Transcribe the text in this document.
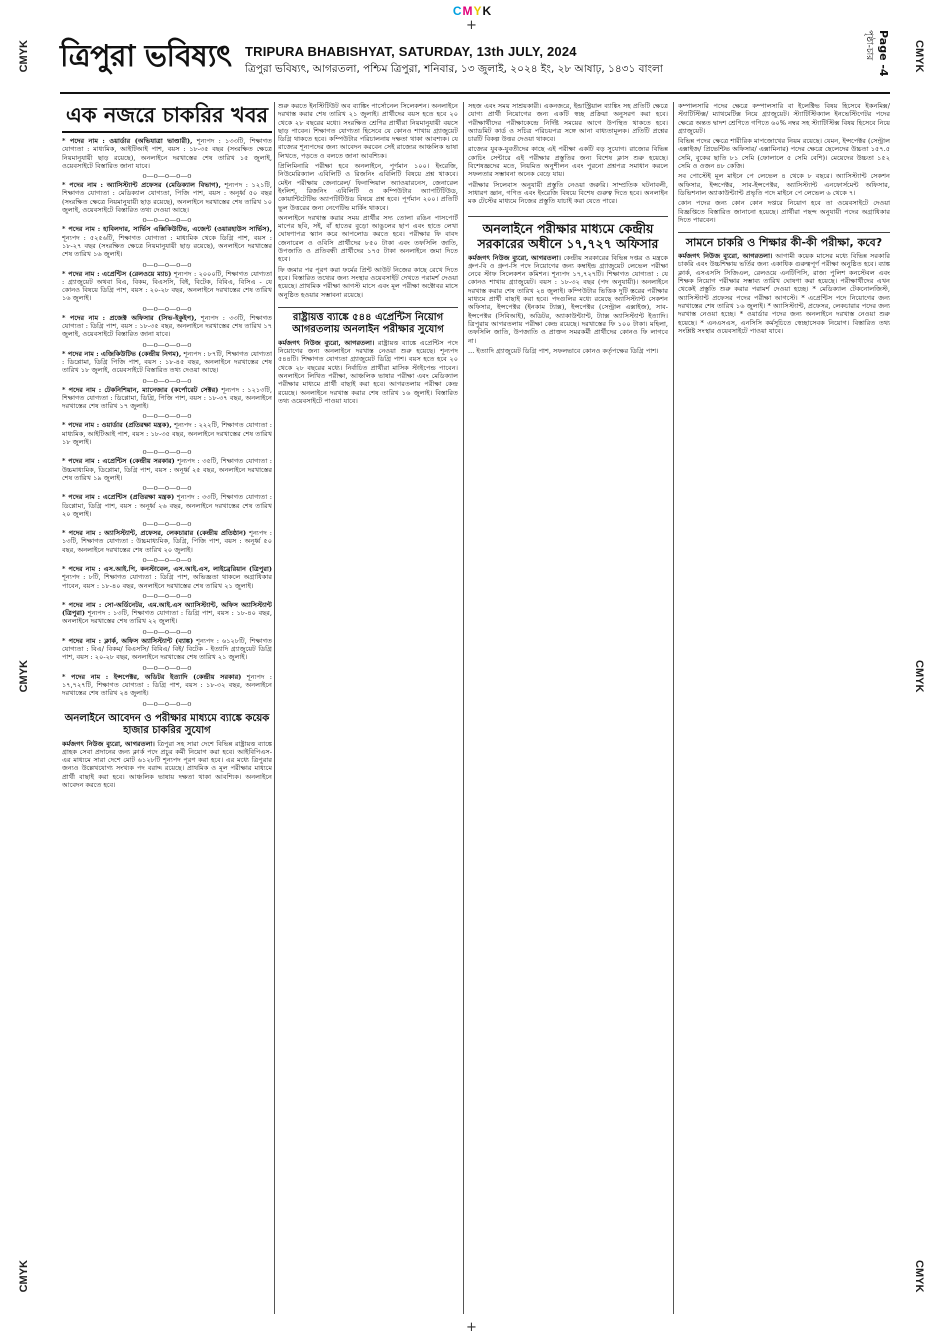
CMYK
+
CMYK
CMYK
CMYK
CMYK
CMYK
CMYK
+
ত্রিপুরা ভবিষ্যৎ TRIPURA BHABISHYAT, SATURDAY, 13th JULY, 2024
ত্রিপুরা ভবিষ্যৎ, আগরতলা, পশ্চিম ত্রিপুরা, শনিবার, ১৩ জুলাই, ২০২৪ ইং, ২৮ আষাঢ়, ১৪৩১ বাংলা	Page -4 পৃষ্ঠা-চার
এক নজরে চাকরির খবর
* পদের নাম : ওয়ার্ডার (অভিযাত্রা ভাণ্ডারী), শূন্যপদ : ১৩৩টি, শিক্ষাগত যোগ্যতা : মাধ্যমিক, আইটিআই পাশ, বয়স : ১৮-৩৫ বছর (সংরক্ষিত ক্ষেত্রে নিয়মানুযায়ী ছাড় রয়েছে), অনলাইনে দরখাস্তের শেষ তারিখ ১৫ জুলাই, ওয়েবসাইটে বিস্তারিত জানা যাবে।
o—o—o—o—o
* পদের নাম : অ্যাসিস্ট্যান্ট প্রফেসর (মেডিক্যাল বিভাগ), শূন্যপদ : ১২১টি, শিক্ষাগত যোগ্যতা : মেডিক্যাল যোগ্যতা, পিজি পাশ, বয়স : অনূর্ধ্ব ৫০ বছর (সংরক্ষিত ক্ষেত্রে নিয়মানুযায়ী ছাড় রয়েছে), অনলাইনে দরখাস্তের শেষ তারিখ ১০ জুলাই, ওয়েবসাইটে বিস্তারিত তথ্য দেওয়া আছে।
o—o—o—o—o
* পদের নাম : হাবিলদার, সার্ভিস এক্সিকিউটিভ, এজেন্ট (ওয়ারহাউস সার্ভিস), শূন্যপদ : ৫২৫৬টি, শিক্ষাগত যোগ্যতা : মাধ্যমিক থেকে ডিগ্রি পাশ, বয়স : ১৮-২৭ বছর (সংরক্ষিত ক্ষেত্রে নিয়মানুযায়ী ছাড় রয়েছে), অনলাইনে দরখাস্তের শেষ তারিখ ১৬ জুলাই।
o—o—o—o—o
* পদের নাম : এপ্রেন্টিস (রেলওয়ে ম্যাচ) শূন্যপদ : ২০০০টি, শিক্ষাগত যোগ্যতা : গ্র্যাজুয়েট অথবা বিএ, বিকম, বিএসসি, বিই, বিটেক, বিবিএ, বিসিএ - যে কোনও বিষয়ে ডিগ্রি পাশ, বয়স : ২০-২৮ বছর, অনলাইনে দরখাস্তের শেষ তারিখ ১৬ জুলাই।
o—o—o—o—o
* পদের নাম : প্রজেক্ট অফিসার (সিভ-ইকুইপ), শূন্যপদ : ৩৩টি, শিক্ষাগত যোগ্যতা : ডিগ্রি পাশ, বয়স : ১৮-৩৫ বছর, অনলাইনে দরখাস্তের শেষ তারিখ ১৭ জুলাই, ওয়েবসাইটে বিস্তারিত জানা যাবে।
o—o—o—o—o
* পদের নাম : এজিকিউটিভ (কেন্দ্রীয় নিগম), শূন্যপদ : ৮৭টি, শিক্ষাগত যোগ্যতা : ডিপ্লোমা, ডিগ্রি পিজি পাশ, বয়স : ১৮-৪৫ বছর, অনলাইনে দরখাস্তের শেষ তারিখ ১৮ জুলাই, ওয়েবসাইটে বিস্তারিত তথ্য দেওয়া আছে।
o—o—o—o—o
* পদের নাম : টেকনিশিয়ান, ম্যানেজার (কর্পোরেট সেক্টর) শূন্যপদ : ১২১৩টি, শিক্ষাগত যোগ্যতা : ডিপ্লোমা, ডিগ্রি, পিজি পাশ, বয়স : ১৮-৩৭ বছর, অনলাইনে দরখাস্তের শেষ তারিখ ১৭ জুলাই।
o—o—o—o—o
* পদের নাম : ওয়ার্ডার (প্রতিরক্ষা মন্ত্রক), শূন্যপদ : ২২২টি, শিক্ষাগত যোগ্যতা : মাধ্যমিক, আইটিআই পাশ, বয়স : ১৮-৩৫ বছর, অনলাইনে দরখাস্তের শেষ তারিখ ১৮ জুলাই।
o—o—o—o—o
* পদের নাম : এপ্রেন্টিস (কেন্দ্রীয় সরকার) শূন্যপদ : ৩৫টি, শিক্ষাগত যোগ্যতা : উচ্চমাধ্যমিক, ডিপ্লোমা, ডিগ্রি পাশ, বয়স : অনূর্ধ্ব ২৫ বছর, অনলাইনে দরখাস্তের শেষ তারিখ ১৯ জুলাই।
o—o—o—o—o
* পদের নাম : এপ্রেন্টিস (প্রতিরক্ষা মন্ত্রক) শূন্যপদ : ৩৩টি, শিক্ষাগত যোগ্যতা : ডিপ্লোমা, ডিগ্রি পাশ, বয়স : অনূর্ধ্ব ২৬ বছর, অনলাইনে দরখাস্তের শেষ তারিখ ২০ জুলাই।
o—o—o—o—o
* পদের নাম : অ্যাসিস্ট্যান্ট, প্রফেসর, লেকচারার (কেন্দ্রীয় প্রতিষ্ঠান) শূন্যপদ : ১৩টি, শিক্ষাগত যোগ্যতা : উচ্চমাধ্যমিক, ডিগ্রি, পিজি পাশ, বয়স : অনূর্ধ্ব ৫০ বছর, অনলাইনে দরখাস্তের শেষ তারিখ ২০ জুলাই।
o—o—o—o—o
* পদের নাম : এস.আই.পি, কনস্টাবেল, এস.আই.এস, লাইব্রেরিয়ান (ত্রিপুরা) শূন্যপদ : ৮টি, শিক্ষাগত যোগ্যতা : ডিগ্রি পাশ, অভিজ্ঞতা থাকলে অগ্রাধিকার পাবেন, বয়স : ১৮-৪০ বছর, অনলাইনে দরখাস্তের শেষ তারিখ ২১ জুলাই।
o—o—o—o—o
* পদের নাম : সো-অর্ডিনেটর, এম.আই.এস অ্যাসিস্ট্যান্ট, অফিস অ্যাসিস্ট্যান্ট (ত্রিপুরা) শূন্যপদ : ১৩টি, শিক্ষাগত যোগ্যতা : ডিগ্রি পাশ, বয়স : ১৮-৪০ বছর, অনলাইনে দরখাস্তের শেষ তারিখ ২২ জুলাই।
o—o—o—o—o
* পদের নাম : ক্লার্ক, অফিস অ্যাসিস্ট্যান্ট (ব্যাঙ্ক) শূন্যপদ : ৬১২৮টি, শিক্ষাগত যোগ্যতা : বিএ/ বিকম/ বিএসসি/ বিবিএ/ বিই/ বিটেক - ইত্যাদি গ্র্যাজুয়েট ডিগ্রি পাশ, বয়স : ২০-২৮ বছর, অনলাইনে দরখাস্তের শেষ তারিখ ২১ জুলাই।
o—o—o—o—o
* পদের নাম : ইন্সপেক্টর, অডিটর ইত্যাদি (কেন্দ্রীয় সরকার) শূন্যপদ : ১৭,৭২৭টি, শিক্ষাগত যোগ্যতা : ডিগ্রি পাশ, বয়স : ১৮-৩২ বছর, অনলাইনে দরখাস্তের শেষ তারিখ ২৪ জুলাই।
o—o—o—o—o
অনলাইনে আবেদন ও পরীক্ষার মাধ্যমে ব্যাঙ্কে কয়েক হাজার চাকরির সুযোগ

কর্মজগৎ নিউজ ব্যুরো, আগরতলা। ত্রিপুরা সহ সারা দেশে বিভিন্ন রাষ্ট্রায়ত্ত ব্যাঙ্কে গ্রাহক সেবা প্রদানের জন্য ক্লার্ক পদে প্রচুর কর্মী নিয়োগ করা হবে। আইবিপিএস-এর মাধ্যমে সারা দেশে মোট ৬১২৮টি শূন্যপদ পূরণ করা হবে। এর মধ্যে ত্রিপুরার জন্যও উল্লেখযোগ্য সংখ্যক পদ বরাদ্দ রয়েছে। প্রাথমিক ও মূল পরীক্ষার মাধ্যমে প্রার্থী বাছাই করা হবে। আঞ্চলিক ভাষায় দক্ষতা থাকা আবশ্যিক। অনলাইনে আবেদন করতে হবে।

শুরু করতে ইনস্টিটিউট অব ব্যাঙ্কিং পার্সোনেল সিলেকশন। অনলাইনে দরখাস্ত করার শেষ তারিখ ২১ জুলাই। প্রার্থীদের বয়স হতে হবে ২০ থেকে ২৮ বছরের মধ্যে। সংরক্ষিত শ্রেণির প্রার্থীরা নিয়মানুযায়ী বয়সে ছাড় পাবেন। শিক্ষাগত যোগ্যতা হিসেবে যে কোনও শাখায় গ্র্যাজুয়েট ডিগ্রি থাকতে হবে। কম্পিউটার পরিচালনায় দক্ষতা থাকা আবশ্যক। যে রাজ্যের শূন্যপদের জন্য আবেদন করবেন সেই রাজ্যের আঞ্চলিক ভাষা লিখতে, পড়তে ও বলতে জানা আবশ্যিক।

প্রিলিমিনারি পরীক্ষা হবে অনলাইনে, পূর্ণমান ১০০। ইংরেজি, নিউমেরিক্যাল এবিলিটি ও রিজনিং এবিলিটি বিষয়ে প্রশ্ন থাকবে। মেইন পরীক্ষায় জেনারেল/ ফিনান্সিয়াল অ্যাওয়ারনেস, জেনারেল ইংলিশ, রিজনিং এবিলিটি ও কম্পিউটার অ্যাপটিটিউড, কোয়ান্টিটেটিভ অ্যাপটিটিউড বিষয়ে প্রশ্ন হবে। পূর্ণমান ২০০। প্রতিটি ভুল উত্তরের জন্য নেগেটিভ মার্কিং থাকবে।

অনলাইনে দরখাস্ত করার সময় প্রার্থীর সদ্য তোলা রঙিন পাসপোর্ট মাপের ছবি, সই, বাঁ হাতের বুড়ো আঙুলের ছাপ এবং হাতে লেখা ঘোষণাপত্র স্ক্যান করে আপলোড করতে হবে। পরীক্ষার ফি বাবদ জেনারেল ও ওবিসি প্রার্থীদের ৮৫০ টাকা এবং তফসিলি জাতি, উপজাতি ও প্রতিবন্ধী প্রার্থীদের ১৭৫ টাকা অনলাইনে জমা দিতে হবে।

ফি জমার পর পূরণ করা ফর্মের প্রিন্ট আউট নিজের কাছে রেখে দিতে হবে। বিস্তারিত তথ্যের জন্য সংস্থার ওয়েবসাইট দেখতে পরামর্শ দেওয়া হয়েছে। প্রাথমিক পরীক্ষা আগস্ট মাসে এবং মূল পরীক্ষা অক্টোবর মাসে অনুষ্ঠিত হওয়ার সম্ভাবনা রয়েছে।

রাষ্ট্রায়ত্ত ব্যাঙ্কে ৫৪৪ এপ্রেন্টিস নিয়োগ আগরতলায় অনলাইন পরীক্ষার সুযোগ

কর্মজগৎ নিউজ ব্যুরো, আগরতলা। রাষ্ট্রায়ত্ত ব্যাঙ্কে এপ্রেন্টিস পদে নিয়োগের জন্য অনলাইনে দরখাস্ত নেওয়া শুরু হয়েছে। শূন্যপদ ৫৪৪টি। শিক্ষাগত যোগ্যতা গ্র্যাজুয়েট ডিগ্রি পাশ। বয়স হতে হবে ২০ থেকে ২৮ বছরের মধ্যে। নির্বাচিত প্রার্থীরা মাসিক স্টাইপেন্ড পাবেন। অনলাইনে লিখিত পরীক্ষা, আঞ্চলিক ভাষার পরীক্ষা এবং মেডিক্যাল পরীক্ষার মাধ্যমে প্রার্থী বাছাই করা হবে। আগরতলায় পরীক্ষা কেন্দ্র রয়েছে। অনলাইনে দরখাস্ত করার শেষ তারিখ ১৬ জুলাই। বিস্তারিত তথ্য ওয়েবসাইটে পাওয়া যাবে।

সহজ এবং সময় সাশ্রয়কারী। একনজরে, ইন্ডাস্ট্রিয়াল ব্যাঙ্কিং সহ প্রতিটি ক্ষেত্রে যোগ্য প্রার্থী নিয়োগের জন্য একটি স্বচ্ছ প্রক্রিয়া অনুসরণ করা হবে। পরীক্ষার্থীদের পরীক্ষাকেন্দ্রে নির্দিষ্ট সময়ের আগে উপস্থিত থাকতে হবে। অ্যাডমিট কার্ড ও সচিত্র পরিচয়পত্র সঙ্গে আনা বাধ্যতামূলক। প্রতিটি প্রশ্নের চারটি বিকল্প উত্তর দেওয়া থাকবে।

রাজ্যের যুবক-যুবতীদের কাছে এই পরীক্ষা একটি বড় সুযোগ। রাজ্যের বিভিন্ন কোচিং সেন্টারে এই পরীক্ষার প্রস্তুতির জন্য বিশেষ ক্লাস শুরু হয়েছে। বিশেষজ্ঞদের মতে, নিয়মিত অনুশীলন এবং পুরনো প্রশ্নপত্র সমাধান করলে সফলতার সম্ভাবনা অনেক বেড়ে যায়।

পরীক্ষার সিলেবাস অনুযায়ী প্রস্তুতি নেওয়া জরুরি। সাম্প্রতিক ঘটনাবলী, সাধারণ জ্ঞান, গণিত এবং ইংরেজি বিষয়ে বিশেষ গুরুত্ব দিতে হবে। অনলাইন মক টেস্টের মাধ্যমে নিজের প্রস্তুতি যাচাই করা যেতে পারে।

অনলাইনে পরীক্ষার মাধ্যমে কেন্দ্রীয় সরকারের অধীনে ১৭,৭২৭ অফিসার

কর্মজগৎ নিউজ ব্যুরো, আগরতলা। কেন্দ্রীয় সরকারের বিভিন্ন দপ্তর ও মন্ত্রকে গ্রুপ-বি ও গ্রুপ-সি পদে নিয়োগের জন্য কম্বাইন্ড গ্র্যাজুয়েট লেভেল পরীক্ষা নেবে স্টাফ সিলেকশন কমিশন। শূন্যপদ ১৭,৭২৭টি। শিক্ষাগত যোগ্যতা : যে কোনও শাখায় গ্র্যাজুয়েট। বয়স : ১৮-৩২ বছর (পদ অনুযায়ী)। অনলাইনে দরখাস্ত করার শেষ তারিখ ২৪ জুলাই। কম্পিউটার ভিত্তিক দুটি স্তরের পরীক্ষার মাধ্যমে প্রার্থী বাছাই করা হবে। পদগুলির মধ্যে রয়েছে অ্যাসিস্ট্যান্ট সেকশন অফিসার, ইন্সপেক্টর (ইনকাম ট্যাক্স), ইন্সপেক্টর (সেন্ট্রাল এক্সাইজ), সাব-ইন্সপেক্টর (সিবিআই), অডিটর, অ্যাকাউন্ট্যান্ট, ট্যাক্স অ্যাসিস্ট্যান্ট ইত্যাদি। ত্রিপুরায় আগরতলায় পরীক্ষা কেন্দ্র রয়েছে। দরখাস্তের ফি ১০০ টাকা। মহিলা, তফসিলি জাতি, উপজাতি ও প্রাক্তন সমরকর্মী প্রার্থীদের কোনও ফি লাগবে না।

... ইত্যাদি গ্র্যাজুয়েট ডিগ্রি পাশ, সফলভাবে কোনও কর্তৃপক্ষের ডিগ্রি পাশ।

কম্পালসারি পদের ক্ষেত্রে কম্পালসারি বা ইলেক্টিভ বিষয় হিসেবে ইকনমিক্স/ স্ট্যাটিস্টিক্স/ ম্যাথমেটিক্স নিয়ে গ্র্যাজুয়েট। স্ট্যাটিস্টিক্যাল ইনভেস্টিগেটর পদের ক্ষেত্রে অন্তত দ্বাদশ শ্রেণিতে গণিতে ৬০% নম্বর সহ স্ট্যাটিস্টিক্স বিষয় হিসেবে নিয়ে গ্র্যাজুয়েট।

বিভিন্ন পদের ক্ষেত্রে শারীরিক মাপজোখের নিয়ম রয়েছে। যেমন, ইন্সপেক্টর (সেন্ট্রাল এক্সাইজ/ প্রিভেন্টিভ অফিসার/ এক্সামিনার) পদের ক্ষেত্রে ছেলেদের উচ্চতা ১৫৭.৫ সেমি, বুকের ছাতি ৮১ সেমি (ফোলালে ৫ সেমি বেশি)। মেয়েদের উচ্চতা ১৫২ সেমি ও ওজন ৪৮ কেজি।

সব পোস্টেই মূল মাইনে পে লেভেল ৪ থেকে ৮ বছরে। অ্যাসিস্ট্যান্ট সেকশন অফিসার, ইন্সপেক্টর, সাব-ইন্সপেক্টর, অ্যাসিস্ট্যান্ট এনফোর্সমেন্ট অফিসার, ডিভিশনাল অ্যাকাউন্ট্যান্ট প্রভৃতি পদে মাইনে পে লেভেল ৬ থেকে ৭।

কোন পদের জন্য কোন কোন দপ্তরে নিয়োগ হবে তা ওয়েবসাইটে দেওয়া বিজ্ঞপ্তিতে বিস্তারিত জানানো হয়েছে। প্রার্থীরা পছন্দ অনুযায়ী পদের অগ্রাধিকার দিতে পারবেন।

সামনে চাকরি ও শিক্ষার কী-কী পরীক্ষা, কবে?

কর্মজগৎ নিউজ ব্যুরো, আগরতলা। আগামী কয়েক মাসের মধ্যে বিভিন্ন সরকারি চাকরি এবং উচ্চশিক্ষায় ভর্তির জন্য একাধিক গুরুত্বপূর্ণ পরীক্ষা অনুষ্ঠিত হবে। ব্যাঙ্ক ক্লার্ক, এসএসসি সিজিএল, রেলওয়ে এনটিপিসি, রাজ্য পুলিশ কনস্টেবল এবং শিক্ষক নিয়োগ পরীক্ষার সম্ভাব্য তারিখ ঘোষণা করা হয়েছে। পরীক্ষার্থীদের এখন থেকেই প্রস্তুতি শুরু করার পরামর্শ দেওয়া হচ্ছে। * মেডিক্যাল টেকনোলজিস্ট, অ্যাসিস্ট্যান্ট প্রফেসর পদের পরীক্ষা আগস্টে। * এপ্রেন্টিস পদে নিয়োগের জন্য দরখাস্তের শেষ তারিখ ১৬ জুলাই। * অ্যাসিস্ট্যান্ট, প্রফেসর, লেকচারার পদের জন্য দরখাস্ত নেওয়া হচ্ছে। * ওয়ার্ডার পদের জন্য অনলাইনে দরখাস্ত নেওয়া শুরু হয়েছে। * এনএসএস, এনসিসি কর্মসূচিতে স্বেচ্ছাসেবক নিয়োগ। বিস্তারিত তথ্য সংশ্লিষ্ট সংস্থার ওয়েবসাইটে পাওয়া যাবে।
